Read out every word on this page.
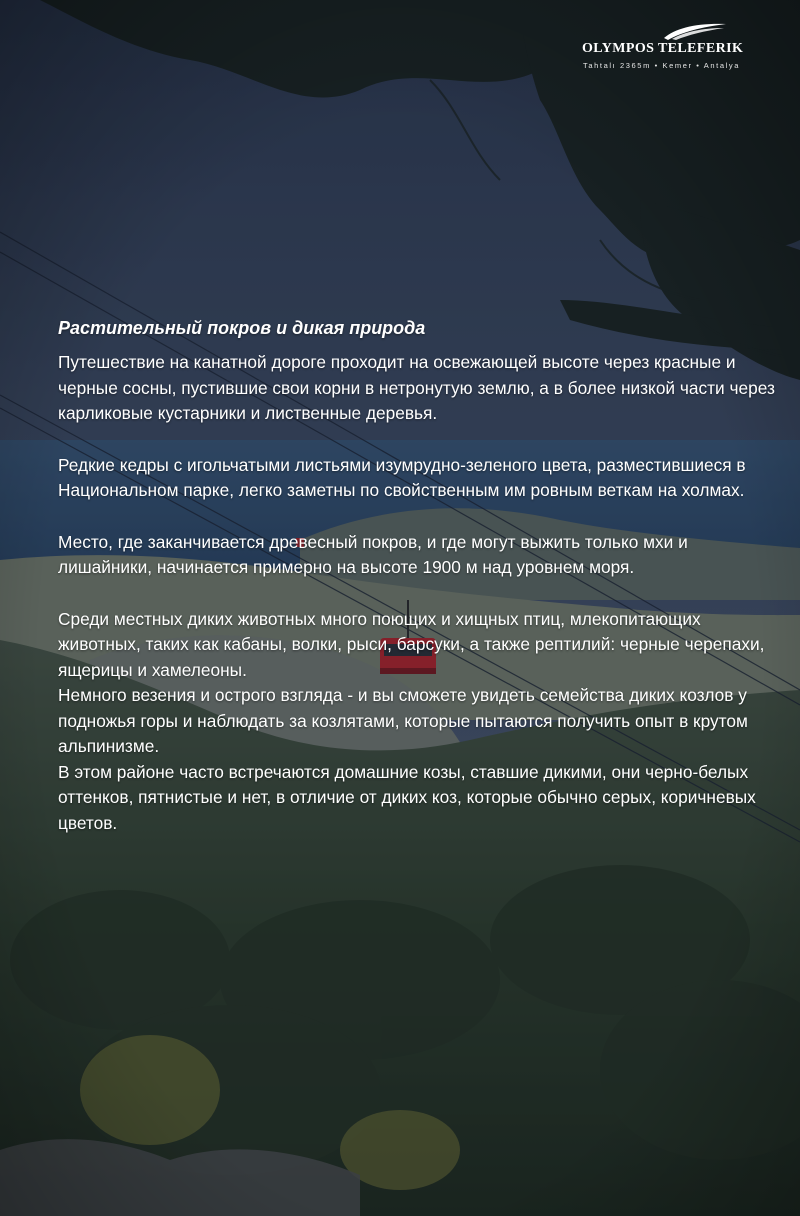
OLYMPOS TELEFERIK
Tahtalı 2365m • Kemer • Antalya
Растительный покров и дикая природа

Путешествие на канатной дороге проходит на освежающей высоте через красные и черные сосны, пустившие свои корни в нетронутую землю, а в более низкой части через карликовые кустарники и лиственные деревья.

Редкие кедры с игольчатыми листьями изумрудно-зеленого цвета, разместившиеся в Национальном парке, легко заметны по свойственным им ровным веткам на холмах.

Место, где заканчивается древесный покров, и где могут выжить только мхи и лишайники, начинается примерно на высоте 1900 м над уровнем моря.

Среди местных диких животных много поющих и хищных птиц, млекопитающих животных, таких как кабаны, волки, рыси, барсуки, а также рептилий: черные черепахи, ящерицы и хамелеоны.

Немного везения и острого взгляда - и вы сможете увидеть семейства диких козлов у подножья горы и наблюдать за козлятами, которые пытаются получить опыт в крутом альпинизме.

В этом районе часто встречаются домашние козы, ставшие дикими, они черно-белых оттенков, пятнистые и нет, в отличие от диких коз, которые обычно серых, коричневых цветов.
